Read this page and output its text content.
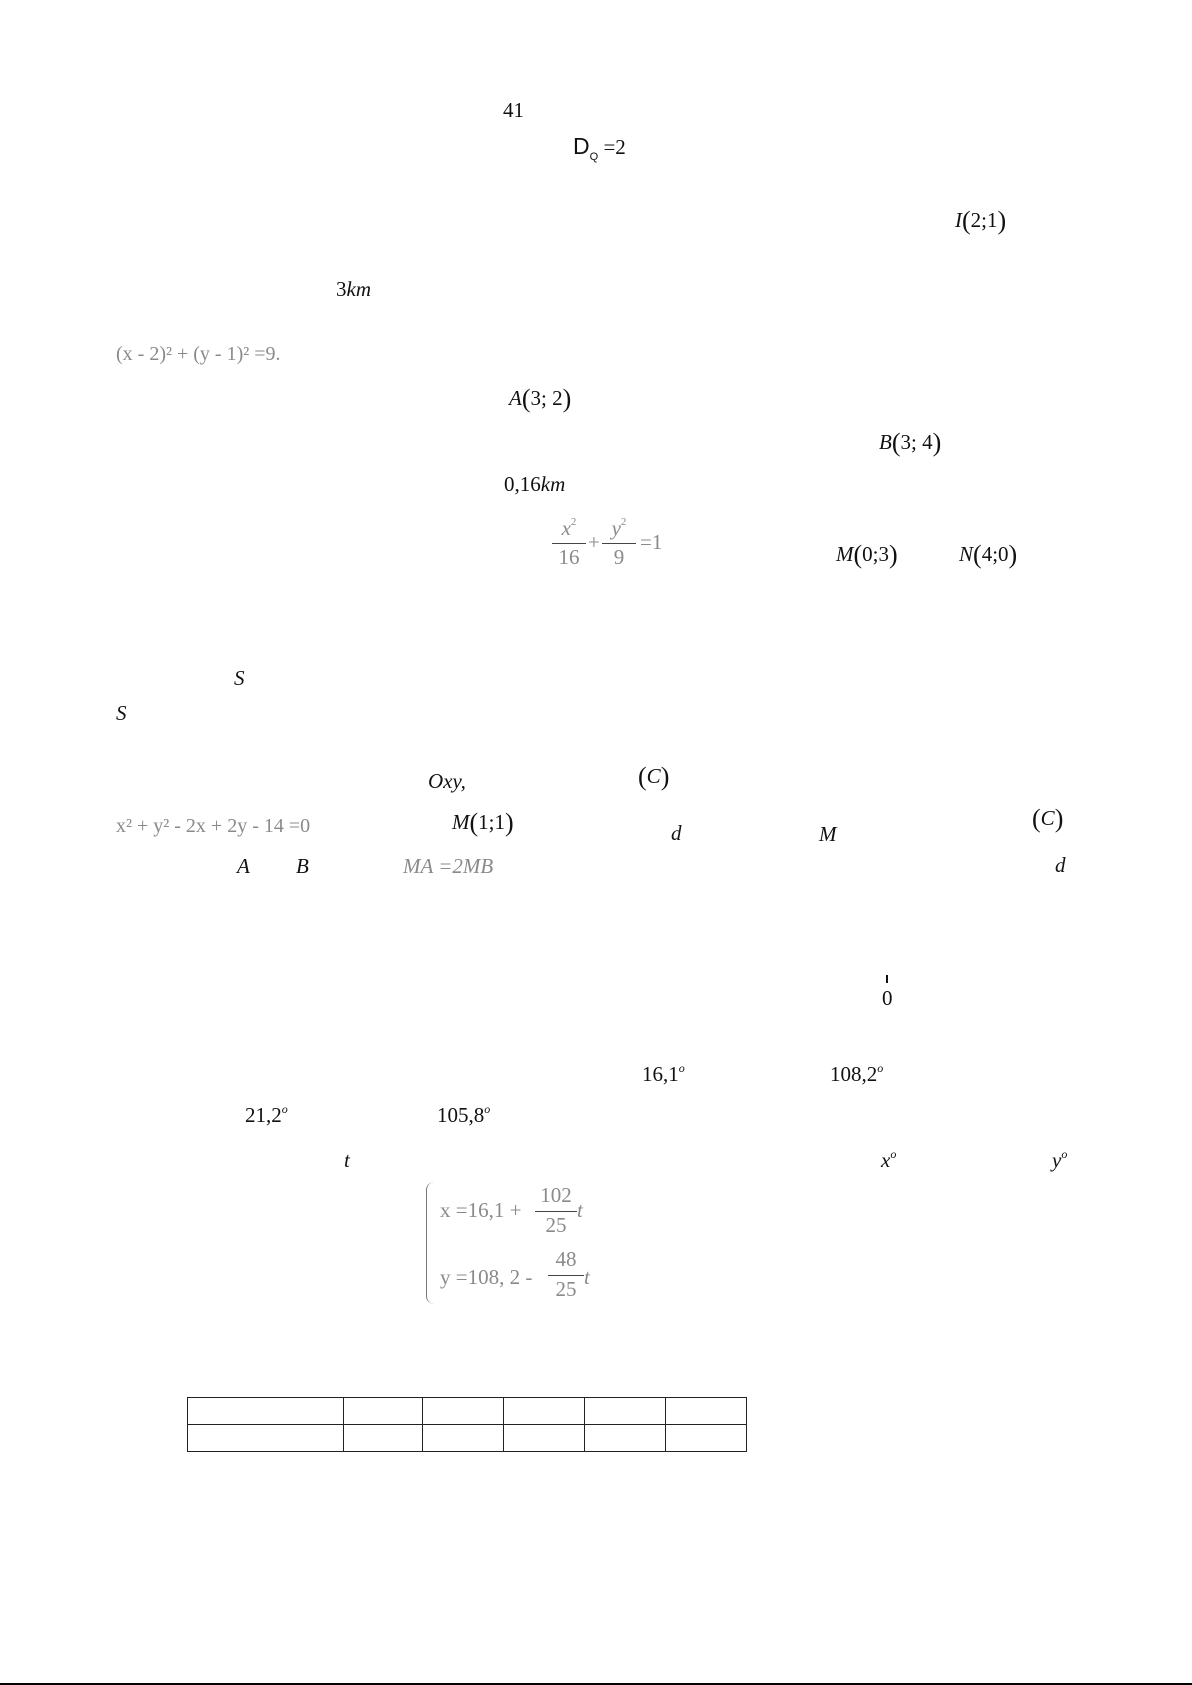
41
$D_Q =2$
I(2;1)
3km
(x - 2)² + (y - 1)² =9.
A(3; 2)
B(3; 4)
0,16km
$x^2$
16
+
$y^2$
9
=1	M(0;3)	N(4;0)
S
S
Oxy,	(C)
x² + y² - 2x + 2y - 14 =0	M(1;1)	d	M
(C)
A B	MA =2MB	d
0
16,1$^o$	108,2$^o$
21,2$^o$	105,8$^o$
t	$x^o$	$y^o$
x =16,1 +
102
25
t
y =108, 2 -
48
25 t
